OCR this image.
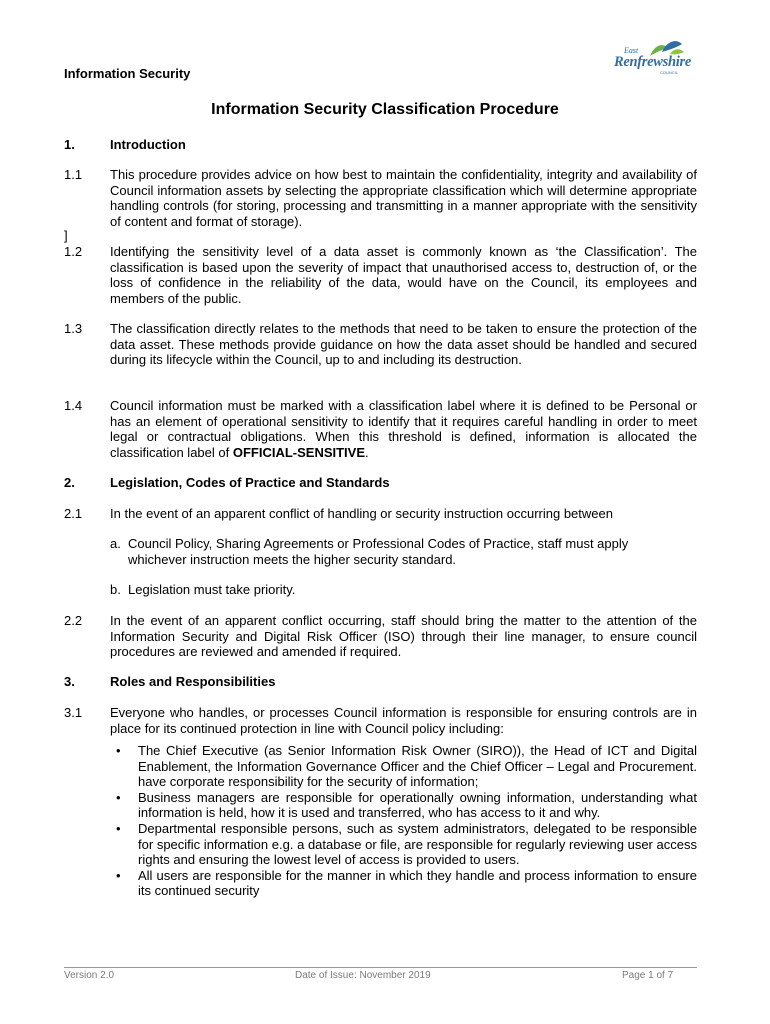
East
Renfrewshire
COUNCIL
Information Security
Information Security Classification Procedure
1.	Introduction
1.1 This procedure provides advice on how best to maintain the confidentiality, integrity and availability of Council information assets by selecting the appropriate classification which will determine appropriate handling controls (for storing, processing and transmitting in a manner appropriate with the sensitivity of content and format of storage).
]
1.2 Identifying the sensitivity level of a data asset is commonly known as ‘the Classification’. The classification is based upon the severity of impact that unauthorised access to, destruction of, or the loss of confidence in the reliability of the data, would have on the Council, its employees and members of the public.
1.3 The classification directly relates to the methods that need to be taken to ensure the protection of the data asset. These methods provide guidance on how the data asset should be handled and secured during its lifecycle within the Council, up to and including its destruction.
1.4 Council information must be marked with a classification label where it is defined to be Personal or has an element of operational sensitivity to identify that it requires careful handling in order to meet legal or contractual obligations. When this threshold is defined, information is allocated the classification label of OFFICIAL-SENSITIVE.
2.	Legislation, Codes of Practice and Standards
2.1 In the event of an apparent conflict of handling or security instruction occurring between
a. Council Policy, Sharing Agreements or Professional Codes of Practice, staff must apply whichever instruction meets the higher security standard.
b. Legislation must take priority.
2.2 In the event of an apparent conflict occurring, staff should bring the matter to the attention of the Information Security and Digital Risk Officer (ISO) through their line manager, to ensure council procedures are reviewed and amended if required.
3.	Roles and Responsibilities
3.1 Everyone who handles, or processes Council information is responsible for ensuring controls are in place for its continued protection in line with Council policy including:
• The Chief Executive (as Senior Information Risk Owner (SIRO)), the Head of ICT and Digital Enablement, the Information Governance Officer and the Chief Officer – Legal and Procurement. have corporate responsibility for the security of information;
• Business managers are responsible for operationally owning information, understanding what information is held, how it is used and transferred, who has access to it and why.
• Departmental responsible persons, such as system administrators, delegated to be responsible for specific information e.g. a database or file, are responsible for regularly reviewing user access rights and ensuring the lowest level of access is provided to users.
• All users are responsible for the manner in which they handle and process information to ensure its continued security
Version 2.0	Date of Issue: November 2019	Page 1 of 7
